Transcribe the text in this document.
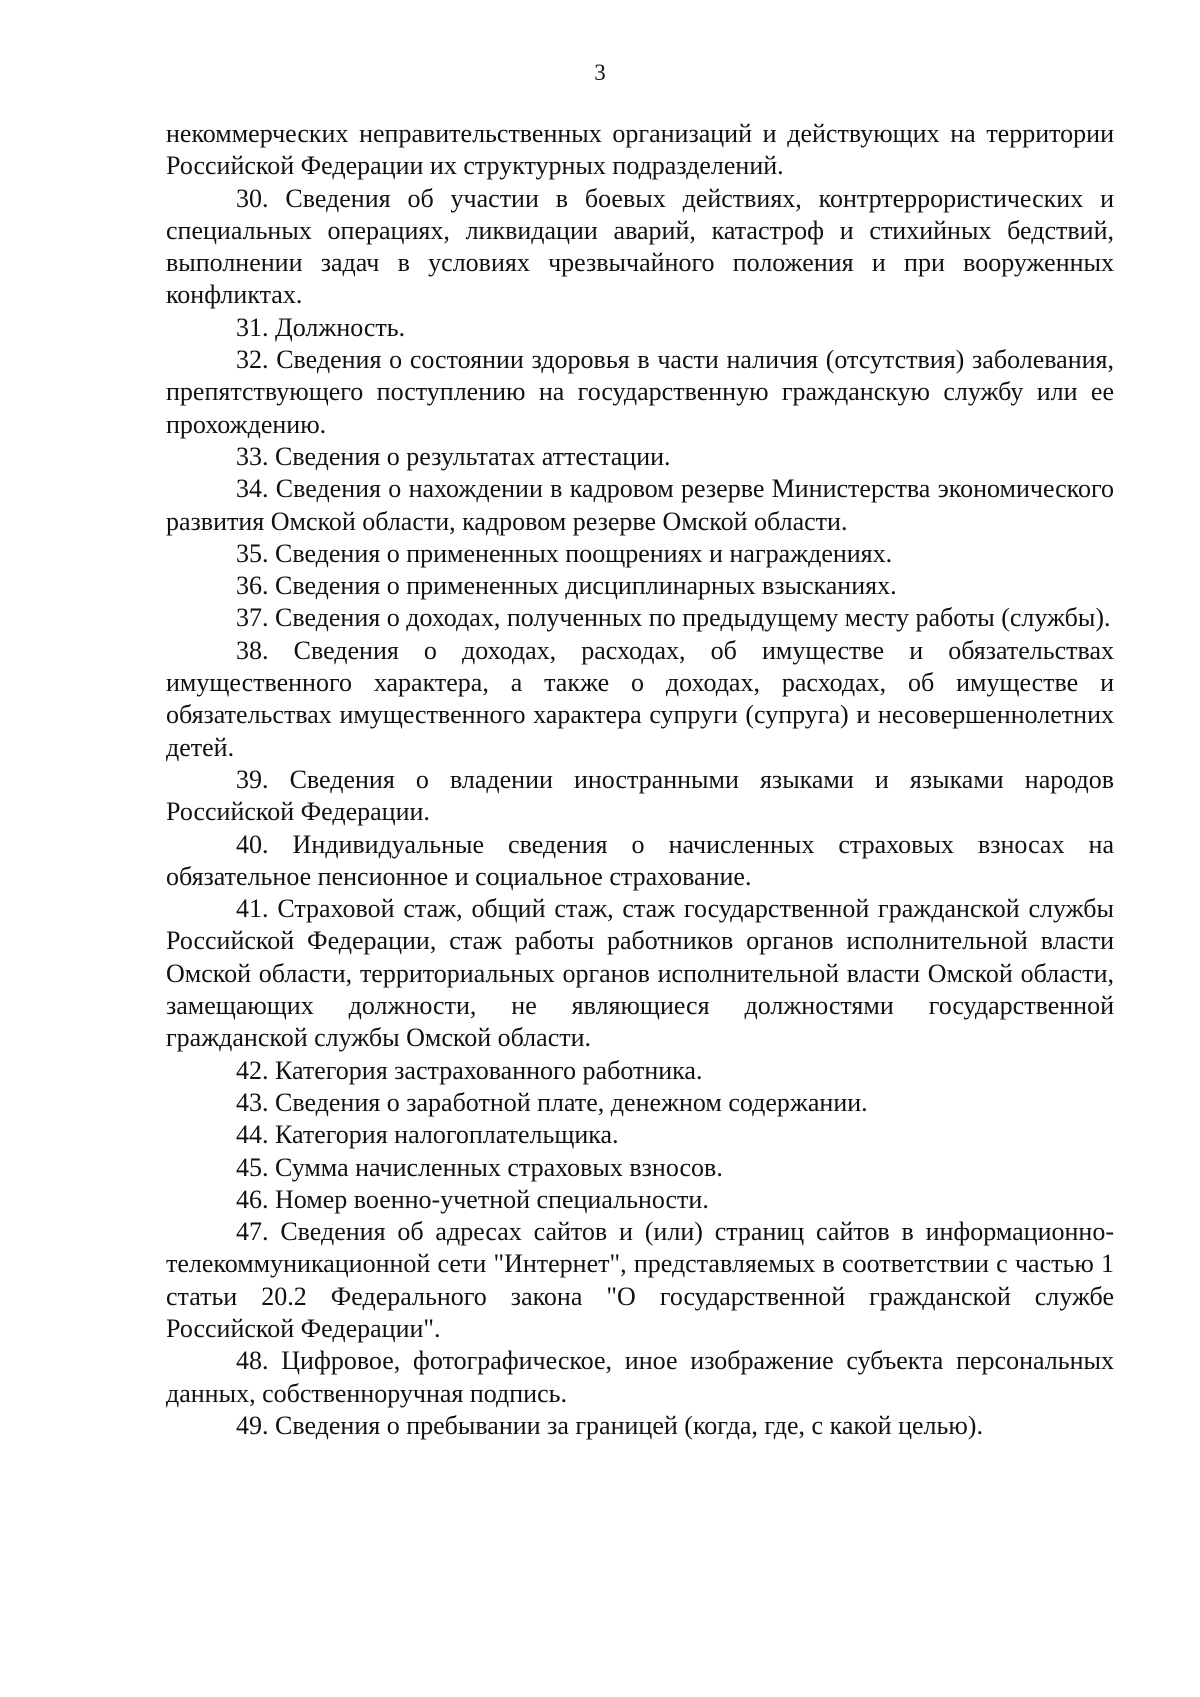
3

некоммерческих неправительственных организаций и действующих на территории Российской Федерации их структурных подразделений.

30. Сведения об участии в боевых действиях, контртеррористических и специальных операциях, ликвидации аварий, катастроф и стихийных бедствий, выполнении задач в условиях чрезвычайного положения и при вооруженных конфликтах.

31. Должность.

32. Сведения о состоянии здоровья в части наличия (отсутствия) заболевания, препятствующего поступлению на государственную гражданскую службу или ее прохождению.

33. Сведения о результатах аттестации.

34. Сведения о нахождении в кадровом резерве Министерства экономического развития Омской области, кадровом резерве Омской области.

35. Сведения о примененных поощрениях и награждениях.

36. Сведения о примененных дисциплинарных взысканиях.

37. Сведения о доходах, полученных по предыдущему месту работы (службы).

38. Сведения о доходах, расходах, об имуществе и обязательствах имущественного характера, а также о доходах, расходах, об имуществе и обязательствах имущественного характера супруги (супруга) и несовершеннолетних детей.

39. Сведения о владении иностранными языками и языками народов Российской Федерации.

40. Индивидуальные сведения о начисленных страховых взносах на обязательное пенсионное и социальное страхование.

41. Страховой стаж, общий стаж, стаж государственной гражданской службы Российской Федерации, стаж работы работников органов исполнительной власти Омской области, территориальных органов исполнительной власти Омской области, замещающих должности, не являющиеся должностями государственной гражданской службы Омской области.

42. Категория застрахованного работника.

43. Сведения о заработной плате, денежном содержании.

44. Категория налогоплательщика.

45. Сумма начисленных страховых взносов.

46. Номер военно-учетной специальности.

47. Сведения об адресах сайтов и (или) страниц сайтов в информационно-телекоммуникационной сети "Интернет", представляемых в соответствии с частью 1 статьи 20.2 Федерального закона "О государственной гражданской службе Российской Федерации".

48. Цифровое, фотографическое, иное изображение субъекта персональных данных, собственноручная подпись.

49. Сведения о пребывании за границей (когда, где, с какой целью).
